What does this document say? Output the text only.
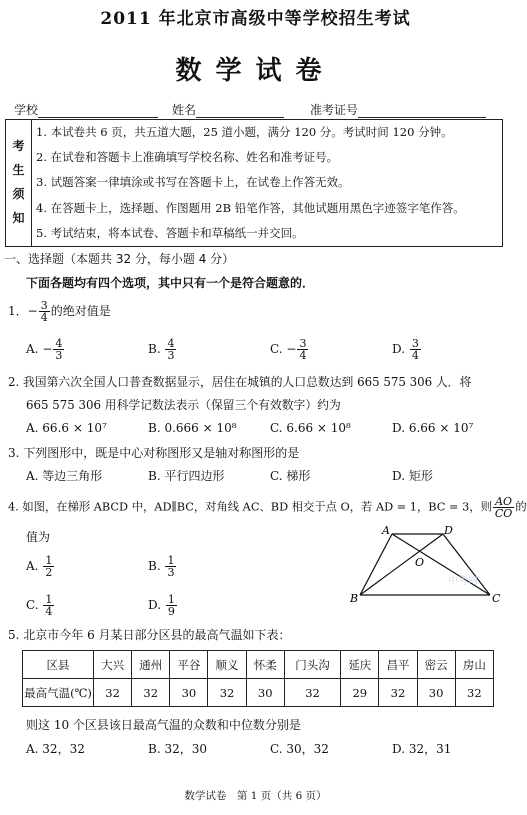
2011 年北京市高级中等学校招生考试
数学试卷
学校	姓名	准考证号
考
生
须
知
1. 本试卷共 6 页，共五道大题，25 道小题，满分 120 分。考试时间 120 分钟。
2. 在试卷和答题卡上准确填写学校名称、姓名和准考证号。
3. 试题答案一律填涂或书写在答题卡上，在试卷上作答无效。
4. 在答题卡上，选择题、作图题用 2B 铅笔作答，其他试题用黑色字迹签字笔作答。
5. 考试结束，将本试卷、答题卡和草稿纸一并交回。
一、选择题（本题共 32 分，每小题 4 分）
下面各题均有四个选项，其中只有一个是符合题意的．
1．− $\frac{3}{4}$ 的绝对值是
A. − $\frac{4}{3}$	B. $\frac{4}{3}$	C. − $\frac{3}{4}$	D. $\frac{3}{4}$
2. 我国第六次全国人口普查数据显示，居住在城镇的人口总数达到 665 575 306 人．将
665 575 306 用科学记数法表示（保留三个有效数字）约为
A. 66.6 × 10⁷	B. 0.666 × 10⁸	C. 6.66 × 10⁸	D. 6.66 × 10⁷
3. 下列图形中，既是中心对称图形又是轴对称图形的是
A. 等边三角形	B. 平行四边形	C. 梯形	D. 矩形
4. 如图，在梯形 ABCD 中，AD∥BC，对角线 AC、BD 相交于点 O，若 AD = 1，BC = 3，则 $\frac{AO}{CO}$ 的
值为
A. $\frac{1}{2}$	B. $\frac{1}{3}$
C. $\frac{1}{4}$	D. $\frac{1}{9}$
A	D
O
B	C
中考网
5. 北京市今年 6 月某日部分区县的最高气温如下表：
区县	大兴	通州	平谷	顺义	怀柔	门头沟	延庆	昌平	密云	房山
最高气温(℃)	32	32	30	32	30	32	29	32	30	32
则这 10 个区县该日最高气温的众数和中位数分别是
A. 32，32	B. 32，30	C. 30，32	D. 32，31
数学试卷　第 1 页（共 6 页）
